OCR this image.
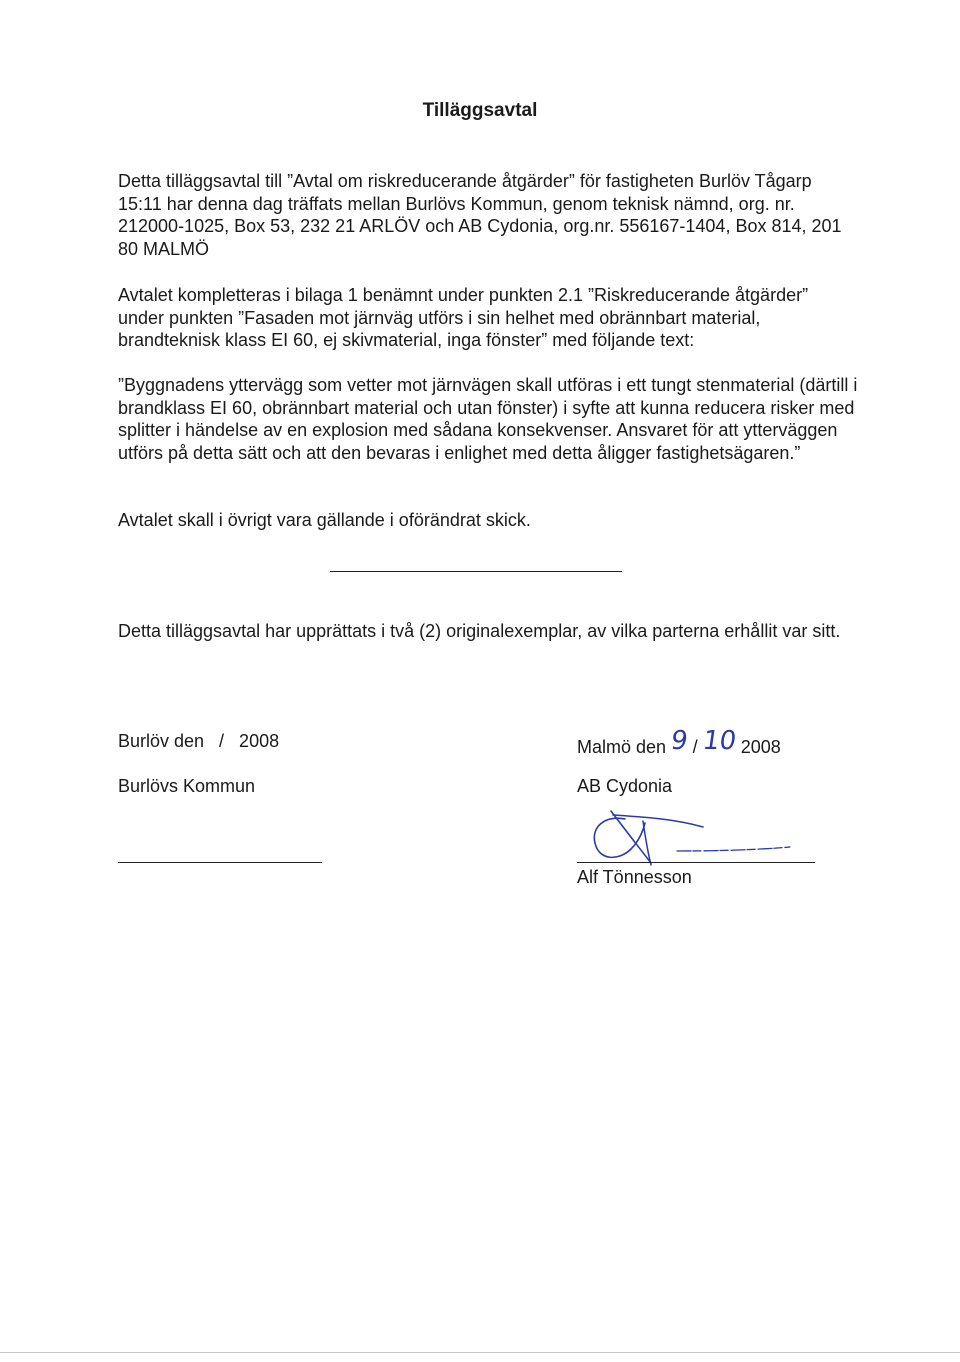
Tilläggsavtal
Detta tilläggsavtal till ”Avtal om riskreducerande åtgärder” för fastigheten Burlöv Tågarp 15:11 har denna dag träffats mellan Burlövs Kommun, genom teknisk nämnd, org. nr. 212000-1025, Box 53, 232 21 ARLÖV och AB Cydonia, org.nr. 556167-1404, Box 814, 201 80 MALMÖ
Avtalet kompletteras i bilaga 1 benämnt under punkten 2.1 ”Riskreducerande åtgärder” under punkten ”Fasaden mot järnväg utförs i sin helhet med obrännbart material, brandteknisk klass EI 60, ej skivmaterial, inga fönster” med följande text:
”Byggnadens yttervägg som vetter mot järnvägen skall utföras i ett tungt stenmaterial (därtill i brandklass EI 60, obrännbart material och utan fönster) i syfte att kunna reducera risker med splitter i händelse av en explosion med sådana konsekvenser. Ansvaret för att ytterväggen utförs på detta sätt och att den bevaras i enlighet med detta åligger fastighetsägaren.”
Avtalet skall i övrigt vara gällande i oförändrat skick.
Detta tilläggsavtal har upprättats i två (2) originalexemplar, av vilka parterna erhållit var sitt.
Burlöv den   /   2008
Burlövs Kommun
Malmö den 9 / 10 2008
AB Cydonia
Alf Tönnesson
